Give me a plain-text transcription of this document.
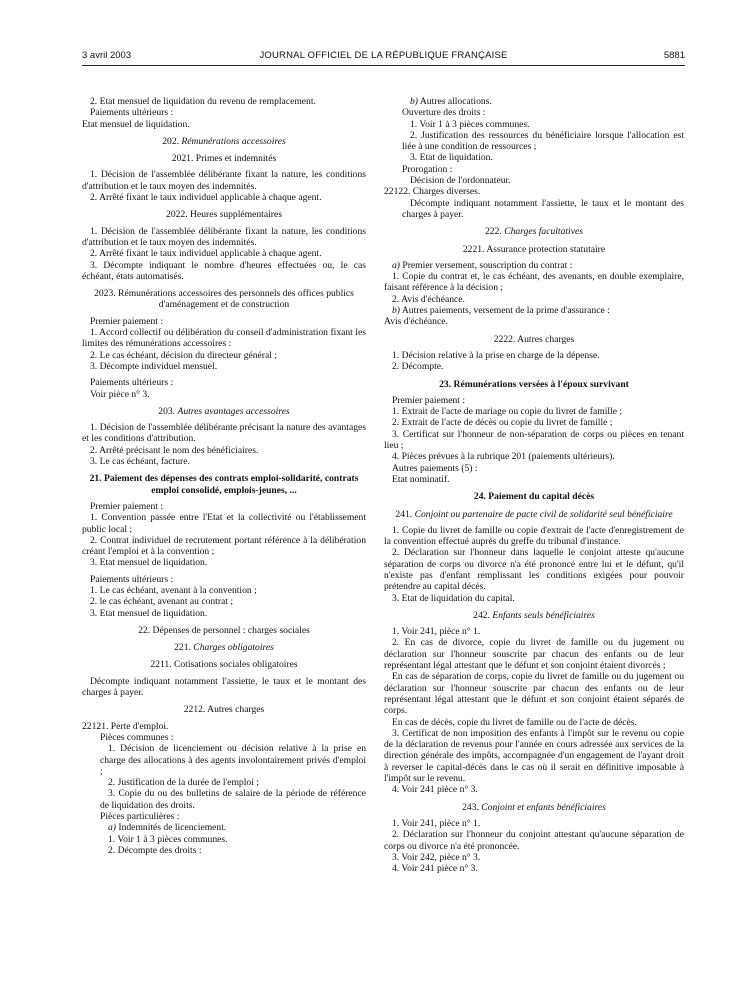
3 avril 2003	JOURNAL OFFICIEL DE LA RÉPUBLIQUE FRANÇAISE	5881

2. Etat mensuel de liquidation du revenu de remplacement.

Paiements ultérieurs :

Etat mensuel de liquidation.

202. Rémunérations accessoires

2021. Primes et indemnités

1. Décision de l'assemblée délibérante fixant la nature, les conditions d'attribution et le taux moyen des indemnités.

2. Arrêté fixant le taux individuel applicable à chaque agent.

2022. Heures supplémentaires

1. Décision de l'assemblée délibérante fixant la nature, les conditions d'attribution et le taux moyen des indemnités.

2. Arrêté fixant le taux individuel applicable à chaque agent.

3. Décompte indiquant le nombre d'heures effectuées ou, le cas échéant, états automatisés.

2023. Rémunérations accessoires des personnels des offices publics d'aménagement et de construction

Premier paiement :

1. Accord collectif ou délibération du conseil d'administration fixant les limites des rémunérations accessoires :

2. Le cas échéant, décision du directeur général ;

3. Décompte individuel mensuel.

Paiements ultérieurs :

Voir pièce n° 3.

203. Autres avantages accessoires

1. Décision de l'assemblée délibérante précisant la nature des avantages et les conditions d'attribution.

2. Arrêté précisant le nom des bénéficiaires.

3. Le cas échéant, facture.

21. Paiement des dépenses des contrats emploi-solidarité, contrats emploi consolidé, emplois-jeunes, ...

Premier paiement :

1. Convention passée entre l'Etat et la collectivité ou l'établissement public local ;

2. Contrat individuel de recrutement portant référence à la délibération créant l'emploi et à la convention ;

3. Etat mensuel de liquidation.

Paiements ultérieurs :

1. Le cas échéant, avenant à la convention ;

2. le cas échéant, avenant au contrat ;

3. Etat mensuel de liquidation.

22. Dépenses de personnel : charges sociales

221. Charges obligatoires

2211. Cotisations sociales obligatoires

Décompte indiquant notamment l'assiette, le taux et le montant des charges à payer.

2212. Autres charges

22121. Perte d'emploi.

Pièces communes :

1. Décision de licenciement ou décision relative à la prise en charge des allocations à des agents involontairement privés d'emploi ;

2. Justification de la durée de l'emploi ;

3. Copie du ou des bulletins de salaire de la période de référence de liquidation des droits.

Pièces particulières :

a) Indemnités de licenciement.

1. Voir 1 à 3 pièces communes.

2. Décompte des droits :

b) Autres allocations.

Ouverture des droits :

1. Voir 1 à 3 pièces communes.

2. Justification des ressources du bénéficiaire lorsque l'allocation est liée à une condition de ressources ;

3. Etat de liquidation.

Prorogation :

Décision de l'ordonnateur.

22122. Charges diverses.

Décompte indiquant notamment l'assiette, le taux et le montant des charges à payer.

222. Charges facultatives

2221. Assurance protection statutaire

a) Premier versement, souscription du contrat :

1. Copie du contrat et, le cas échéant, des avenants, en double exemplaire, faisant référence à la décision ;

2. Avis d'échéance.

b) Autres paiements, versement de la prime d'assurance :

Avis d'échéance.

2222. Autres charges

1. Décision relative à la prise en charge de la dépense.

2. Décompte.

23. Rémunérations versées à l'époux survivant

Premier paiement :

1. Extrait de l'acte de mariage ou copie du livret de famille ;

2. Extrait de l'acte de décès ou copie du livret de famille ;

3. Certificat sur l'honneur de non-séparation de corps ou pièces en tenant lieu ;

4. Pièces prévues à la rubrique 201 (paiements ultérieurs).

Autres paiements (5) :

Etat nominatif.

24. Paiement du capital décès

241. Conjoint ou partenaire de pacte civil de solidarité seul bénéficiaire

1. Copie du livret de famille ou copie d'extrait de l'acte d'enregistrement de la convention effectué auprès du greffe du tribunal d'instance.

2. Déclaration sur l'honneur dans laquelle le conjoint atteste qu'aucune séparation de corps ou divorce n'a été prononcé entre lui et le défunt, qu'il n'existe pas d'enfant remplissant les conditions exigées pour pouvoir prétendre au capital décès.

3. Etat de liquidation du capital.

242. Enfants seuls bénéficiaires

1. Voir 241, pièce n° 1.

2. En cas de divorce, copie du livret de famille ou du jugement ou déclaration sur l'honneur souscrite par chacun des enfants ou de leur représentant légal attestant que le défunt et son conjoint étaient divorcés ;

En cas de séparation de corps, copie du livret de famille ou du jugement ou déclaration sur l'honneur souscrite par chacun des enfants ou de leur représentant légal attestant que le défunt et son conjoint étaient séparés de corps.

En cas de décès, copie du livret de famille ou de l'acte de décès.

3. Certificat de non imposition des enfants à l'impôt sur le revenu ou copie de la déclaration de revenus pour l'année en cours adressée aux services de la direction générale des impôts, accompagnée d'un engagement de l'ayant droit à reverser le capital-décès dans le cas où il serait en définitive imposable à l'impôt sur le revenu.

4. Voir 241 pièce n° 3.

243. Conjoint et enfants bénéficiaires

1. Voir 241, pièce n° 1.

2. Déclaration sur l'honneur du conjoint attestant qu'aucune séparation de corps ou divorce n'a été prononcée.

3. Voir 242, pièce n° 3.

4. Voir 241 pièce n° 3.
